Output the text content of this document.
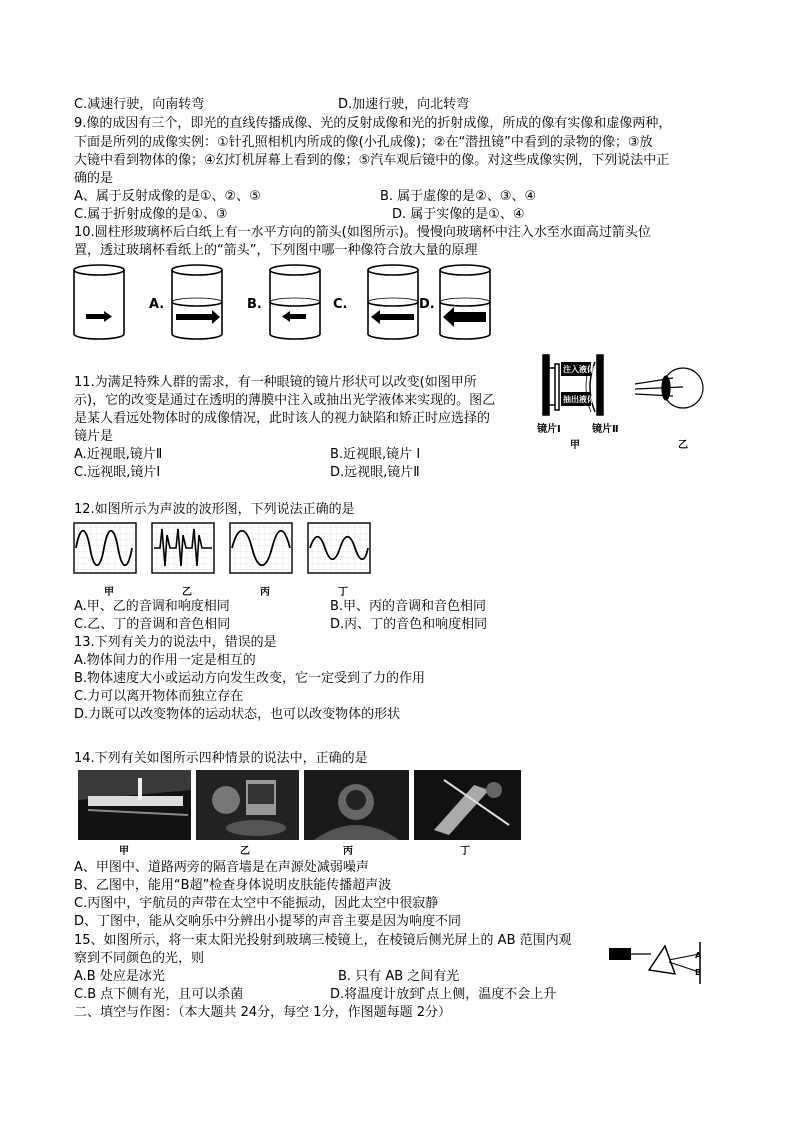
C.减速行驶，向南转弯	D.加速行驶，向北转弯
9.像的成因有三个，即光的直线传播成像、光的反射成像和光的折射成像，所成的像有实像和虚像两种，
下面是所列的成像实例：①针孔照相机内所成的像(小孔成像)；②在“潜扭镜”中看到的录物的像；③放
大镜中看到物体的像；④幻灯机屏幕上看到的像；⑤汽车观后镜中的像。对这些成像实例，下列说法中正
确的是
A、属于反射成像的是①、②、⑤	B. 属于虚像的是②、③、④
C.属于折射成像的是①、③	D. 属于实像的是①、④
10.圆柱形玻璃杯后白纸上有一水平方向的箭头(如图所示)。慢慢向玻璃杯中注入水至水面高过箭头位
置，透过玻璃杯看纸上的“箭头”，下列图中哪一种像符合放大量的原理
A.	B.	C.	D.
11.为满足特殊人群的需求，有一种眼镜的镜片形状可以改变(如图甲所
示)，它的改变是通过在透明的薄膜中注入或抽出光学液体来实现的。图乙
是某人看远处物体时的成像情况，此时该人的视力缺陷和矫正时应选择的
镜片是
A.近视眼,镜片Ⅱ	B.近视眼,镜片 I
C.远视眼,镜片Ⅰ	D.远视眼,镜片Ⅱ
注入液体
抽出液体
镜片Ⅰ	镜片Ⅱ
甲	乙
12.如图所示为声波的波形图，下列说法正确的是
甲	乙	丙	丁
A.甲、乙的音调和响度相同	B.甲、丙的音调和音色相同
C.乙、丁的音调和音色相同	D.丙、丁的音色和响度相同
13.下列有关力的说法中，错误的是
A.物体间力的作用一定是相互的
B.物体速度大小或运动方向发生改变，它一定受到了力的作用
C.力可以离开物体而独立存在
D.力既可以改变物体的运动状态，也可以改变物体的形状
14.下列有关如图所示四种情景的说法中，正确的是
甲	乙	丙	丁
A、甲图中、道路两旁的隔音墙是在声源处减弱噪声
B、乙图中，能用“B超”检查身体说明皮肤能传播超声波
C.丙图中，宇航员的声带在太空中不能振动，因此太空中很寂静
D、丁图中，能从交响乐中分辨出小提琴的声音主要是因为响度不同
15、如图所示，将一束太阳光投射到玻璃三棱镜上，在棱镜后侧光屏上的 AB 范围内观
察到不同颜色的光，则
A.B 处应是冰光	B. 只有 AB 之间有光
C.B 点下侧有光，且可以杀菌	D.将温度计放到 ̂点上侧，温度不会上升
A
B
二、填空与作图：（本大题共 24分，每空 1分，作图题每题 2分）
